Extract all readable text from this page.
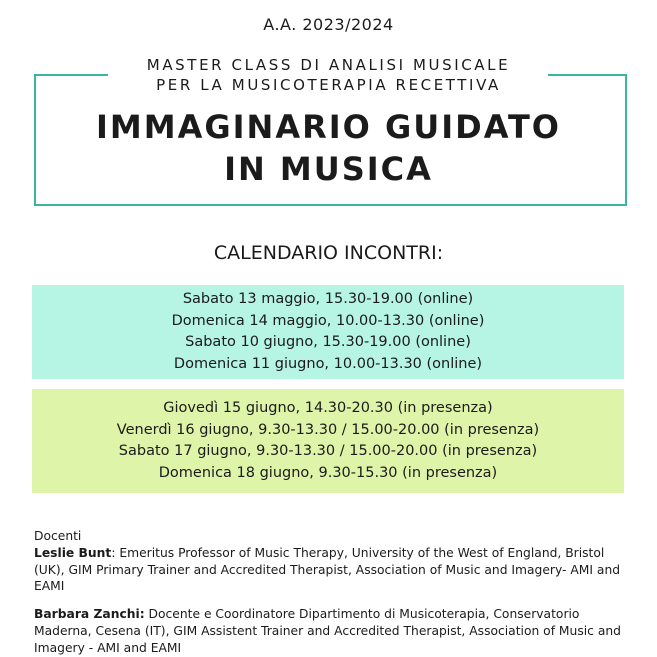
A.A. 2023/2024
MASTER CLASS DI ANALISI MUSICALE
PER LA MUSICOTERAPIA RECETTIVA
IMMAGINARIO GUIDATO
IN MUSICA
CALENDARIO INCONTRI:
Sabato 13 maggio, 15.30-19.00 (online)
Domenica 14 maggio, 10.00-13.30 (online)
Sabato 10 giugno, 15.30-19.00 (online)
Domenica 11 giugno, 10.00-13.30 (online)
Giovedì 15 giugno, 14.30-20.30 (in presenza)
Venerdì 16 giugno, 9.30-13.30 / 15.00-20.00 (in presenza)
Sabato 17 giugno, 9.30-13.30 / 15.00-20.00 (in presenza)
Domenica 18 giugno, 9.30-15.30 (in presenza)

Docenti

Leslie Bunt: Emeritus Professor of Music Therapy, University of the West of England, Bristol (UK), GIM Primary Trainer and Accredited Therapist, Association of Music and Imagery- AMI and EAMI

Barbara Zanchi: Docente e Coordinatore Dipartimento di Musicoterapia, Conservatorio Maderna, Cesena (IT), GIM Assistent Trainer and Accredited Therapist, Association of Music and Imagery - AMI and EAMI
